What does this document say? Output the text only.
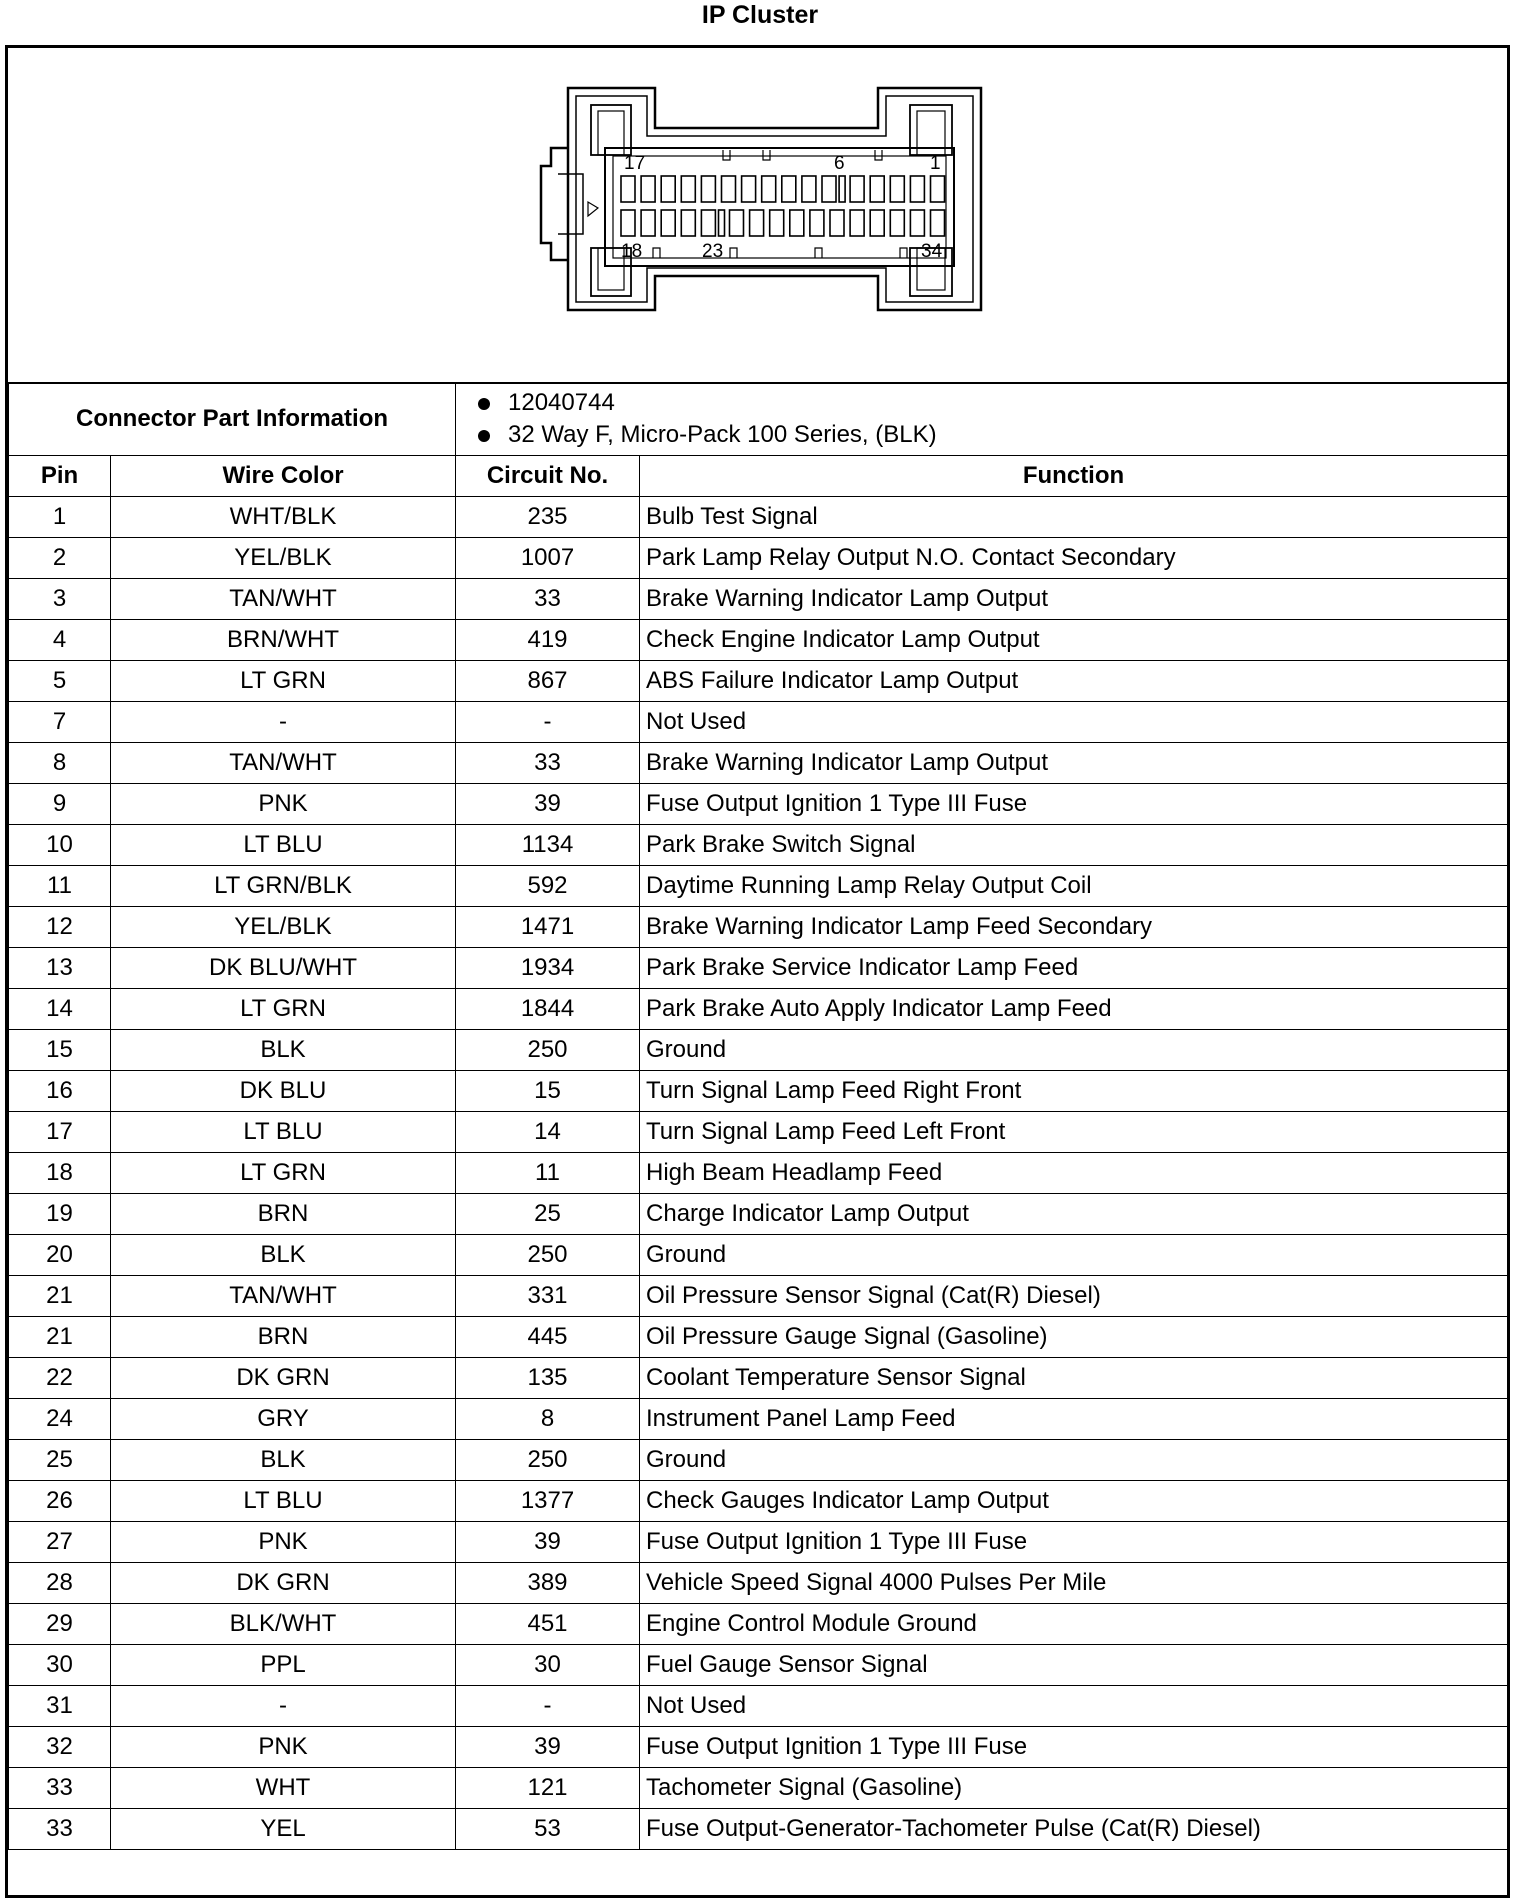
IP Cluster
17	6	1
18	23	34
Connector Part Information		12040744
32 Way F, Micro-Pack 100 Series, (BLK)	

Pin	Wire Color	Circuit No.	Function
1	WHT/BLK	235	Bulb Test Signal
2	YEL/BLK	1007	Park Lamp Relay Output N.O. Contact Secondary
3	TAN/WHT	33	Brake Warning Indicator Lamp Output
4	BRN/WHT	419	Check Engine Indicator Lamp Output
5	LT GRN	867	ABS Failure Indicator Lamp Output
7	-	-	Not Used
8	TAN/WHT	33	Brake Warning Indicator Lamp Output
9	PNK	39	Fuse Output Ignition 1 Type III Fuse
10	LT BLU	1134	Park Brake Switch Signal
11	LT GRN/BLK	592	Daytime Running Lamp Relay Output Coil
12	YEL/BLK	1471	Brake Warning Indicator Lamp Feed Secondary
13	DK BLU/WHT	1934	Park Brake Service Indicator Lamp Feed
14	LT GRN	1844	Park Brake Auto Apply Indicator Lamp Feed
15	BLK	250	Ground
16	DK BLU	15	Turn Signal Lamp Feed Right Front
17	LT BLU	14	Turn Signal Lamp Feed Left Front
18	LT GRN	11	High Beam Headlamp Feed
19	BRN	25	Charge Indicator Lamp Output
20	BLK	250	Ground
21	TAN/WHT	331	Oil Pressure Sensor Signal (Cat(R) Diesel)
21	BRN	445	Oil Pressure Gauge Signal (Gasoline)
22	DK GRN	135	Coolant Temperature Sensor Signal
24	GRY	8	Instrument Panel Lamp Feed
25	BLK	250	Ground
26	LT BLU	1377	Check Gauges Indicator Lamp Output
27	PNK	39	Fuse Output Ignition 1 Type III Fuse
28	DK GRN	389	Vehicle Speed Signal 4000 Pulses Per Mile
29	BLK/WHT	451	Engine Control Module Ground
30	PPL	30	Fuel Gauge Sensor Signal
31	-	-	Not Used
32	PNK	39	Fuse Output Ignition 1 Type III Fuse
33	WHT	121	Tachometer Signal (Gasoline)
33	YEL	53	Fuse Output-Generator-Tachometer Pulse (Cat(R) Diesel)
